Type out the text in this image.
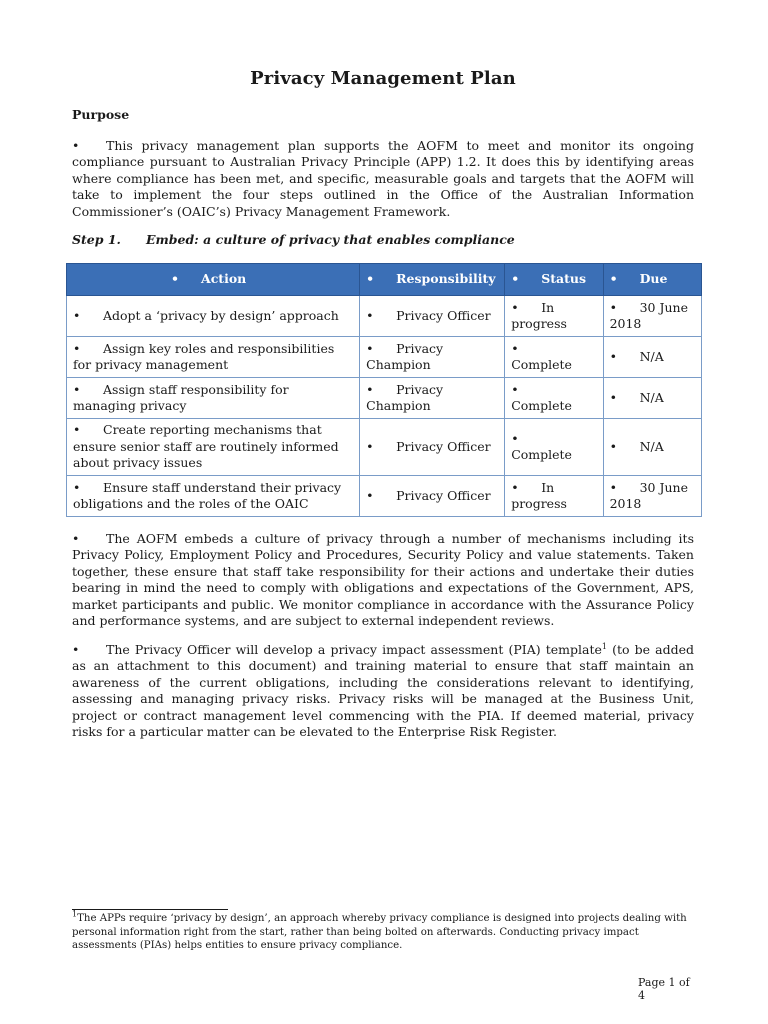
Privacy Management Plan
Purpose
• This privacy management plan supports the AOFM to meet and monitor its ongoing compliance pursuant to Australian Privacy Principle (APP) 1.2. It does this by identifying areas where compliance has been met, and specific, measurable goals and targets that the AOFM will take to implement the four steps outlined in the Office of the Australian Information Commissioner’s (OAIC’s) Privacy Management Framework.
Step 1. Embed: a culture of privacy that enables compliance
• Action	• Responsibility	• Status	• Due
• Adopt a ‘privacy by design’ approach	• Privacy Officer	• In progress	• 30 June 2018
• Assign key roles and responsibilities for privacy management	• Privacy Champion	•Complete	• N/A
• Assign staff responsibility for managing privacy	• Privacy Champion	•Complete	• N/A
• Create reporting mechanisms that ensure senior staff are routinely informed about privacy issues	• Privacy Officer	•Complete	• N/A
• Ensure staff understand their privacy obligations and the roles of the OAIC	• Privacy Officer	• In progress	• 30 June 2018
• The AOFM embeds a culture of privacy through a number of mechanisms including its Privacy Policy, Employment Policy and Procedures, Security Policy and value statements. Taken together, these ensure that staff take responsibility for their actions and undertake their duties bearing in mind the need to comply with obligations and expectations of the Government, APS, market participants and public. We monitor compliance in accordance with the Assurance Policy and performance systems, and are subject to external independent reviews.
• The Privacy Officer will develop a privacy impact assessment (PIA) template$^1$ (to be added as an attachment to this document) and training material to ensure that staff maintain an awareness of the current obligations, including the considerations relevant to identifying, assessing and managing privacy risks. Privacy risks will be managed at the Business Unit, project or contract management level commencing with the PIA. If deemed material, privacy risks for a particular matter can be elevated to the Enterprise Risk Register.
$^1$The APPs require ‘privacy by design’, an approach whereby privacy compliance is designed into projects dealing with personal information right from the start, rather than being bolted on afterwards. Conducting privacy impact assessments (PIAs) helps entities to ensure privacy compliance.
Page 1 of 4
